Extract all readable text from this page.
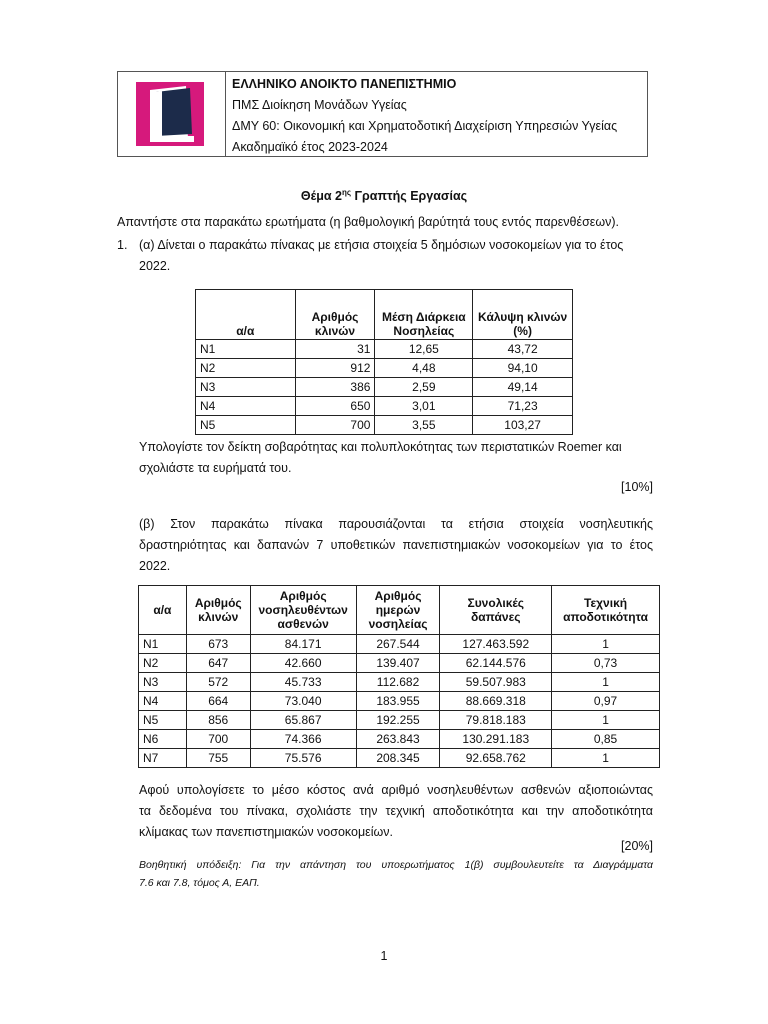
ΕΛΛΗΝΙΚΟ ΑΝΟΙΚΤΟ ΠΑΝΕΠΙΣΤΗΜΙΟ
ΠΜΣ Διοίκηση Μονάδων Υγείας
ΔΜΥ 60: Οικονομική και Χρηματοδοτική Διαχείριση Υπηρεσιών Υγείας
Ακαδημαϊκό έτος 2023-2024
Θέμα $2^{\eta\varsigma}$ Γραπτής Εργασίας
Απαντήστε στα παρακάτω ερωτήματα (η βαθμολογική βαρύτητά τους εντός παρενθέσεων).
1. (α) Δίνεται ο παρακάτω πίνακας με ετήσια στοιχεία 5 δημόσιων νοσοκομείων για το έτος
2022.
α/α	Αριθμός κλινών	Μέση Διάρκεια Νοσηλείας	Κάλυψη κλινών (%)
Ν1	31	12,65	43,72
Ν2	912	4,48	94,10
Ν3	386	2,59	49,14
Ν4	650	3,01	71,23
Ν5	700	3,55	103,27
Υπολογίστε τον δείκτη σοβαρότητας και πολυπλοκότητας των περιστατικών Roemer και
σχολιάστε τα ευρήματά του.
[10%]
(β) Στον παρακάτω πίνακα παρουσιάζονται τα ετήσια στοιχεία νοσηλευτικής
δραστηριότητας και δαπανών 7 υποθετικών πανεπιστημιακών νοσοκομείων για το έτος
2022.
α/α	Αριθμός κλινών	Αριθμός νοσηλευθέντων ασθενών	Αριθμός ημερών νοσηλείας	Συνολικές δαπάνες	Τεχνική αποδοτικότητα
Ν1	673	84.171	267.544	127.463.592	1
Ν2	647	42.660	139.407	62.144.576	0,73
Ν3	572	45.733	112.682	59.507.983	1
Ν4	664	73.040	183.955	88.669.318	0,97
Ν5	856	65.867	192.255	79.818.183	1
Ν6	700	74.366	263.843	130.291.183	0,85
Ν7	755	75.576	208.345	92.658.762	1
Αφού υπολογίσετε το μέσο κόστος ανά αριθμό νοσηλευθέντων ασθενών αξιοποιώντας
τα δεδομένα του πίνακα, σχολιάστε την τεχνική αποδοτικότητα και την αποδοτικότητα
κλίμακας των πανεπιστημιακών νοσοκομείων.
[20%]
Βοηθητική υπόδειξη: Για την απάντηση του υποερωτήματος 1(β) συμβουλευτείτε τα Διαγράμματα
7.6 και 7.8, τόμος Α, ΕΑΠ.
1
